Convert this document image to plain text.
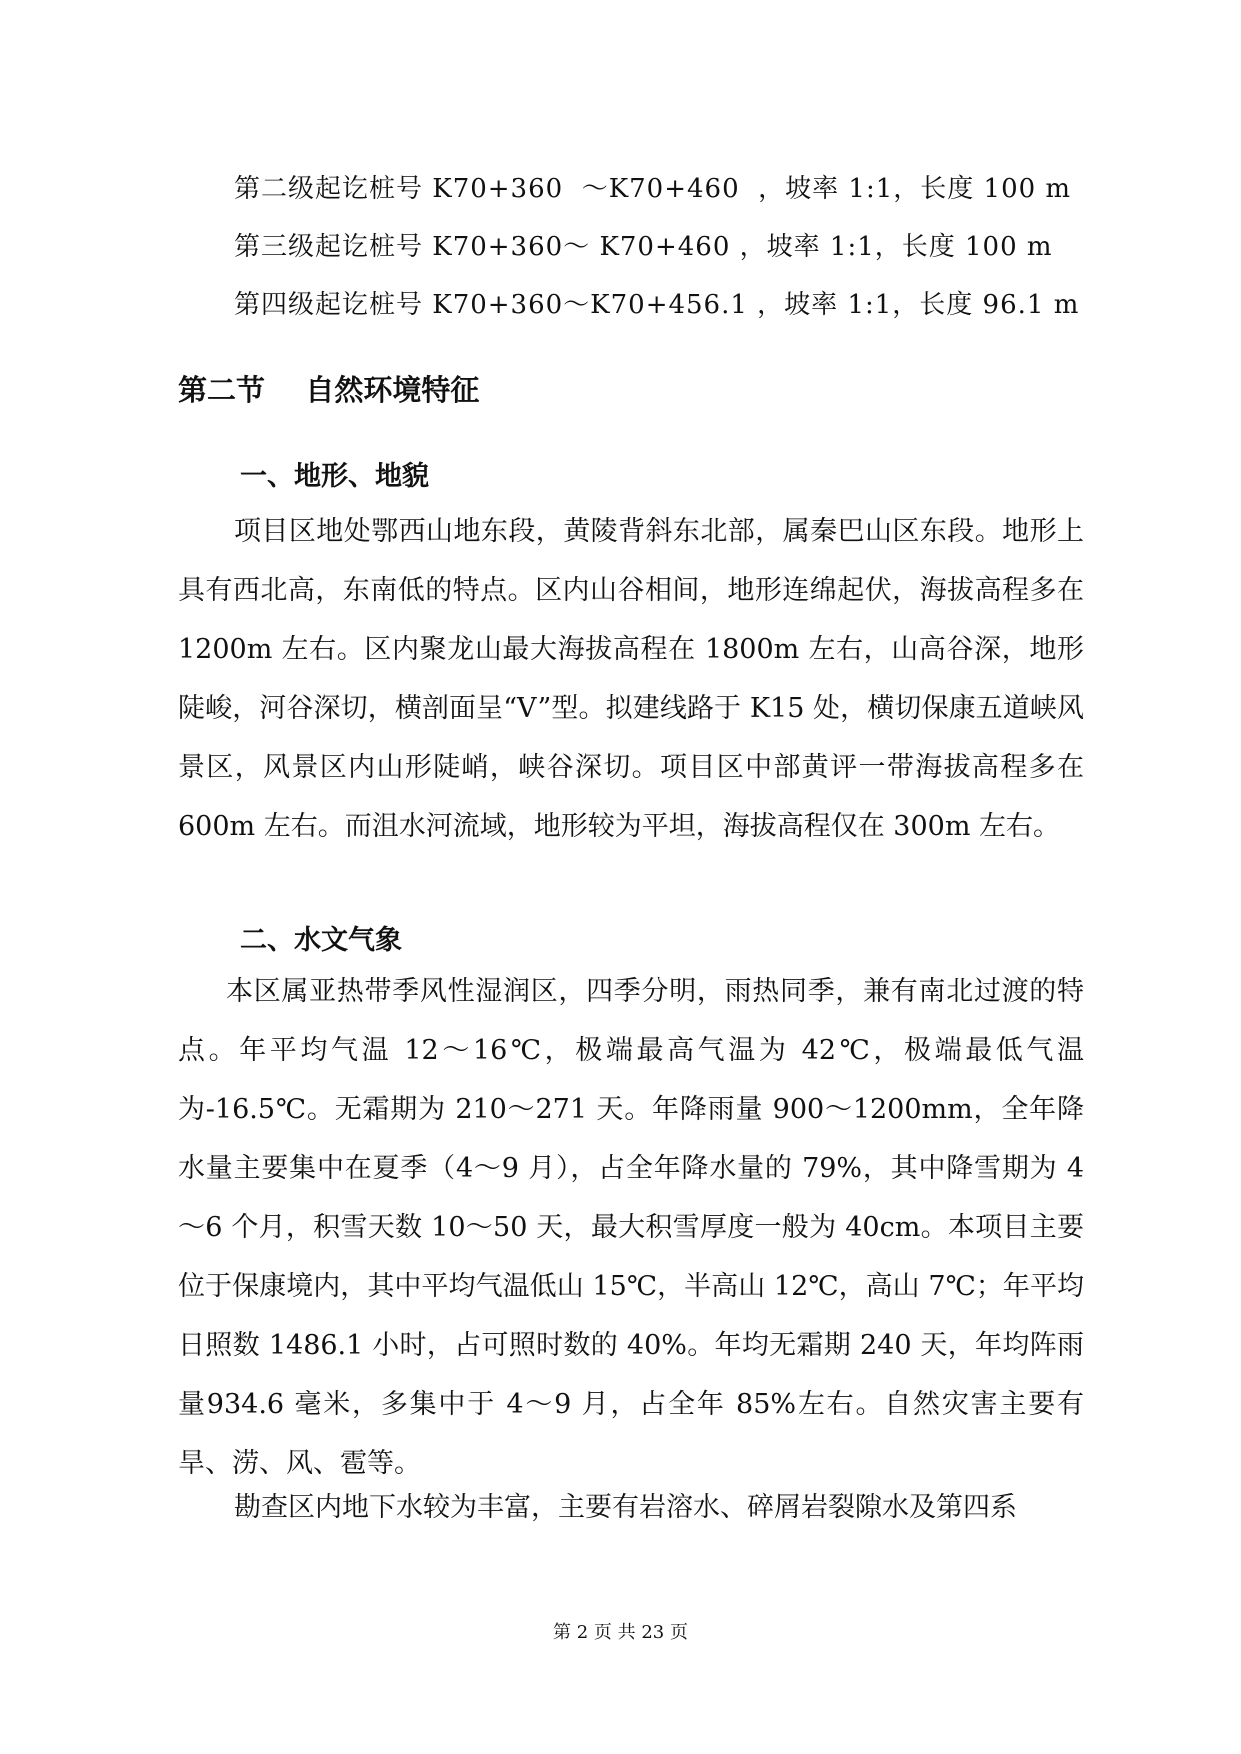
第二级起讫桩号 K70+360  ～K70+460  ，坡率 1:1，长度 100 m
第三级起讫桩号 K70+360～ K70+460 ，坡率 1:1，长度 100 m
第四级起讫桩号 K70+360～K70+456.1 ，坡率 1:1，长度 96.1 m
第二节    自然环境特征
一、地形、地貌

项目区地处鄂西山地东段，黄陵背斜东北部，属秦巴山区东段。地形上具有西北高，东南低的特点。区内山谷相间，地形连绵起伏，海拔高程多在 1200m 左右。区内聚龙山最大海拔高程在 1800m 左右，山高谷深，地形陡峻，河谷深切，横剖面呈“V”型。拟建线路于 K15 处，横切保康五道峡风景区，风景区内山形陡峭，峡谷深切。项目区中部黄评一带海拔高程多在 600m 左右。而沮水河流域，地形较为平坦，海拔高程仅在 300m 左右。

二、水文气象

本区属亚热带季风性湿润区，四季分明，雨热同季，兼有南北过渡的特点。年平均气温 12～16℃，极端最高气温为 42℃，极端最低气温为-16.5℃。无霜期为 210～271 天。年降雨量 900～1200mm，全年降水量主要集中在夏季（4～9 月），占全年降水量的 79%，其中降雪期为 4～6 个月，积雪天数 10～50 天，最大积雪厚度一般为 40cm。本项目主要位于保康境内，其中平均气温低山 15℃，半高山 12℃，高山 7℃；年平均日照数 1486.1 小时，占可照时数的 40%。年均无霜期 240 天，年均阵雨量934.6 毫米，多集中于 4～9 月，占全年 85%左右。自然灾害主要有旱、涝、风、雹等。

勘查区内地下水较为丰富，主要有岩溶水、碎屑岩裂隙水及第四系

第 2 页 共 23 页
